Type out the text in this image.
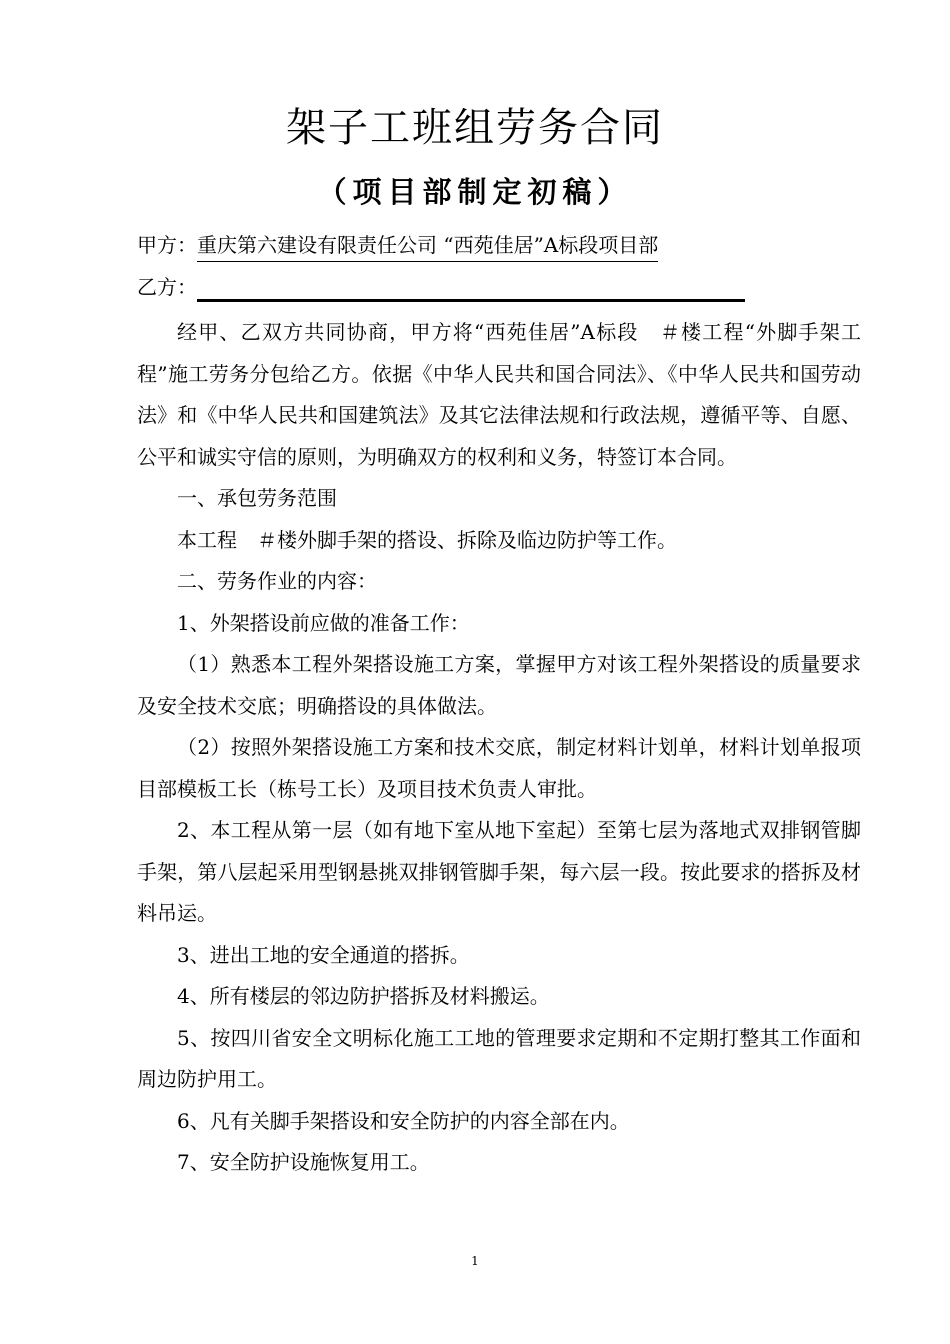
架子工班组劳务合同
（项目部制定初稿）
甲方：重庆第六建设有限责任公司 “西苑佳居”A标段项目部
乙方：

经甲、乙双方共同协商，甲方将“西苑佳居”A标段　＃楼工程“外脚手架工程”施工劳务分包给乙方。依据《中华人民共和国合同法》、《中华人民共和国劳动法》和《中华人民共和国建筑法》及其它法律法规和行政法规，遵循平等、自愿、公平和诚实守信的原则，为明确双方的权利和义务，特签订本合同。

一、承包劳务范围

本工程　＃楼外脚手架的搭设、拆除及临边防护等工作。

二、劳务作业的内容：

1、外架搭设前应做的准备工作：

（1）熟悉本工程外架搭设施工方案，掌握甲方对该工程外架搭设的质量要求及安全技术交底；明确搭设的具体做法。

（2）按照外架搭设施工方案和技术交底，制定材料计划单，材料计划单报项目部模板工长（栋号工长）及项目技术负责人审批。

2、本工程从第一层（如有地下室从地下室起）至第七层为落地式双排钢管脚手架，第八层起采用型钢悬挑双排钢管脚手架，每六层一段。按此要求的搭拆及材料吊运。

3、进出工地的安全通道的搭拆。

4、所有楼层的邻边防护搭拆及材料搬运。

5、按四川省安全文明标化施工工地的管理要求定期和不定期打整其工作面和周边防护用工。

6、凡有关脚手架搭设和安全防护的内容全部在内。

7、安全防护设施恢复用工。

1
